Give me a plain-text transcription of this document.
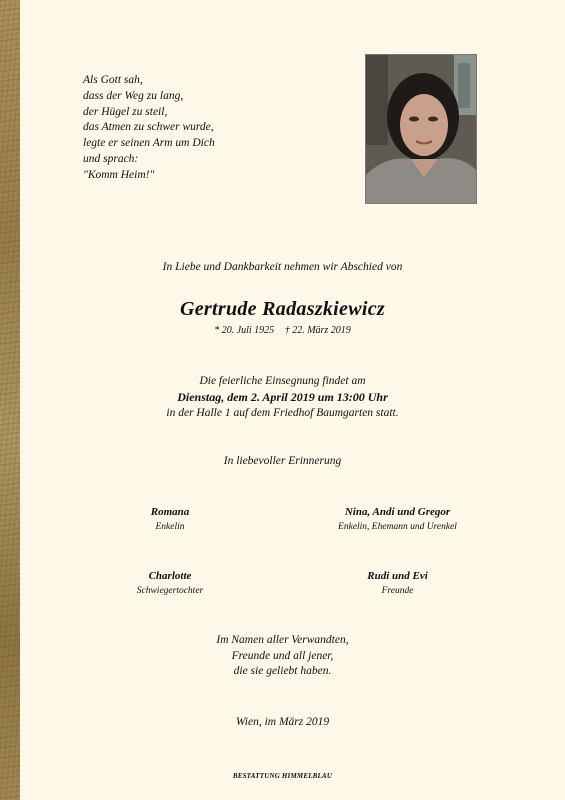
Als Gott sah,
dass der Weg zu lang,
der Hügel zu steil,
das Atmen zu schwer wurde,
legte er seinen Arm um Dich
und sprach:
"Komm Heim!"
In Liebe und Dankbarkeit nehmen wir Abschied von
Gertrude Radaszkiewicz
* 20. Juli 1925 † 22. März 2019
Die feierliche Einsegnung findet am
Dienstag, dem 2. April 2019 um 13:00 Uhr
in der Halle 1 auf dem Friedhof Baumgarten statt.
In liebevoller Erinnerung
Romana
Enkelin
Nina, Andi und Gregor
Enkelin, Ehemann und Urenkel
Charlotte
Schwiegertochter
Rudi und Evi
Freunde
Im Namen aller Verwandten,
Freunde und all jener,
die sie geliebt haben.
Wien, im März 2019
BESTATTUNG HIMMELBLAU
